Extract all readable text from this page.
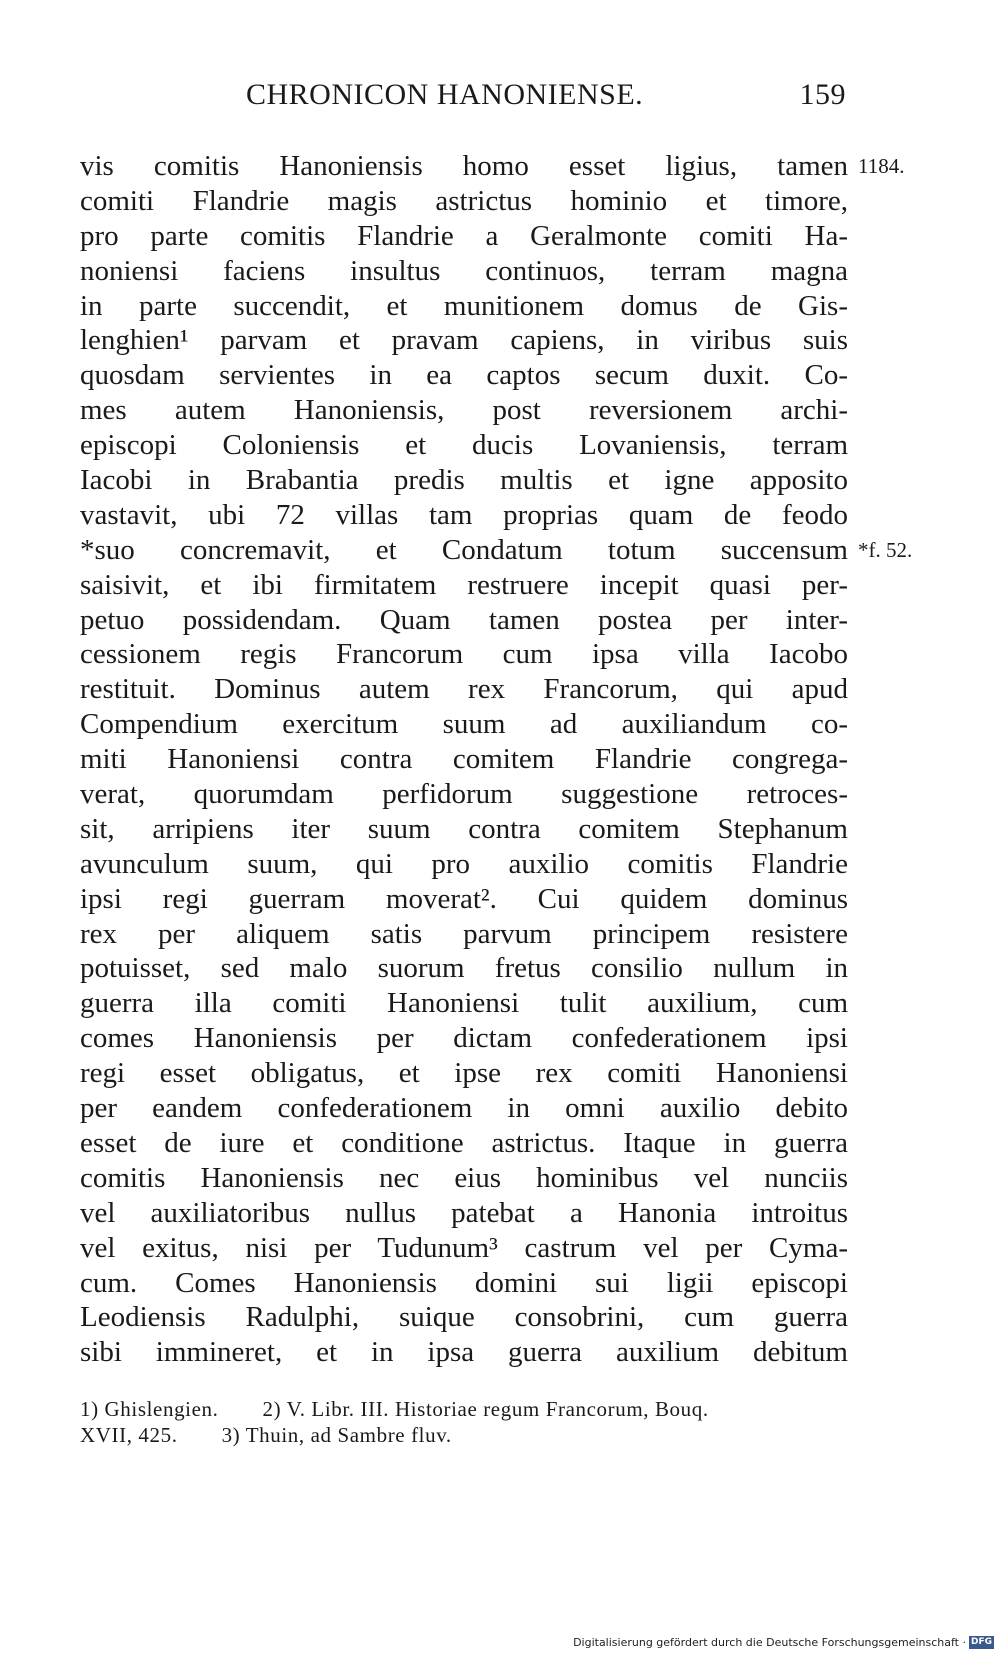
CHRONICON HANONIENSE.	159
vis comitis Hanoniensis homo esset ligius, tamen 1184.
comiti Flandrie magis astrictus hominio et timore,
pro parte comitis Flandrie a Geralmonte comiti Ha-
noniensi faciens insultus continuos, terram magna
in parte succendit, et munitionem domus de Gis-
lenghien¹ parvam et pravam capiens, in viribus suis
quosdam servientes in ea captos secum duxit. Co-
mes autem Hanoniensis, post reversionem archi-
episcopi Coloniensis et ducis Lovaniensis, terram
Iacobi in Brabantia predis multis et igne apposito
vastavit, ubi 72 villas tam proprias quam de feodo
*suo concremavit, et Condatum totum succensum *f. 52.
saisivit, et ibi firmitatem restruere incepit quasi per-
petuo possidendam. Quam tamen postea per inter-
cessionem regis Francorum cum ipsa villa Iacobo
restituit. Dominus autem rex Francorum, qui apud
Compendium exercitum suum ad auxiliandum co-
miti Hanoniensi contra comitem Flandrie congrega-
verat, quorumdam perfidorum suggestione retroces-
sit, arripiens iter suum contra comitem Stephanum
avunculum suum, qui pro auxilio comitis Flandrie
ipsi regi guerram moverat². Cui quidem dominus
rex per aliquem satis parvum principem resistere
potuisset, sed malo suorum fretus consilio nullum in
guerra illa comiti Hanoniensi tulit auxilium, cum
comes Hanoniensis per dictam confederationem ipsi
regi esset obligatus, et ipse rex comiti Hanoniensi
per eandem confederationem in omni auxilio debito
esset de iure et conditione astrictus. Itaque in guerra
comitis Hanoniensis nec eius hominibus vel nunciis
vel auxiliatoribus nullus patebat a Hanonia introitus
vel exitus, nisi per Tudunum³ castrum vel per Cyma-
cum. Comes Hanoniensis domini sui ligii episcopi
Leodiensis Radulphi, suique consobrini, cum guerra
sibi immineret, et in ipsa guerra auxilium debitum
1) Ghislengien. 2) V. Libr. III. Historiae regum Francorum, Bouq.
XVII, 425. 3) Thuin, ad Sambre fluv.
Digitalisierung gefördert durch die Deutsche Forschungsgemeinschaft · DFG
